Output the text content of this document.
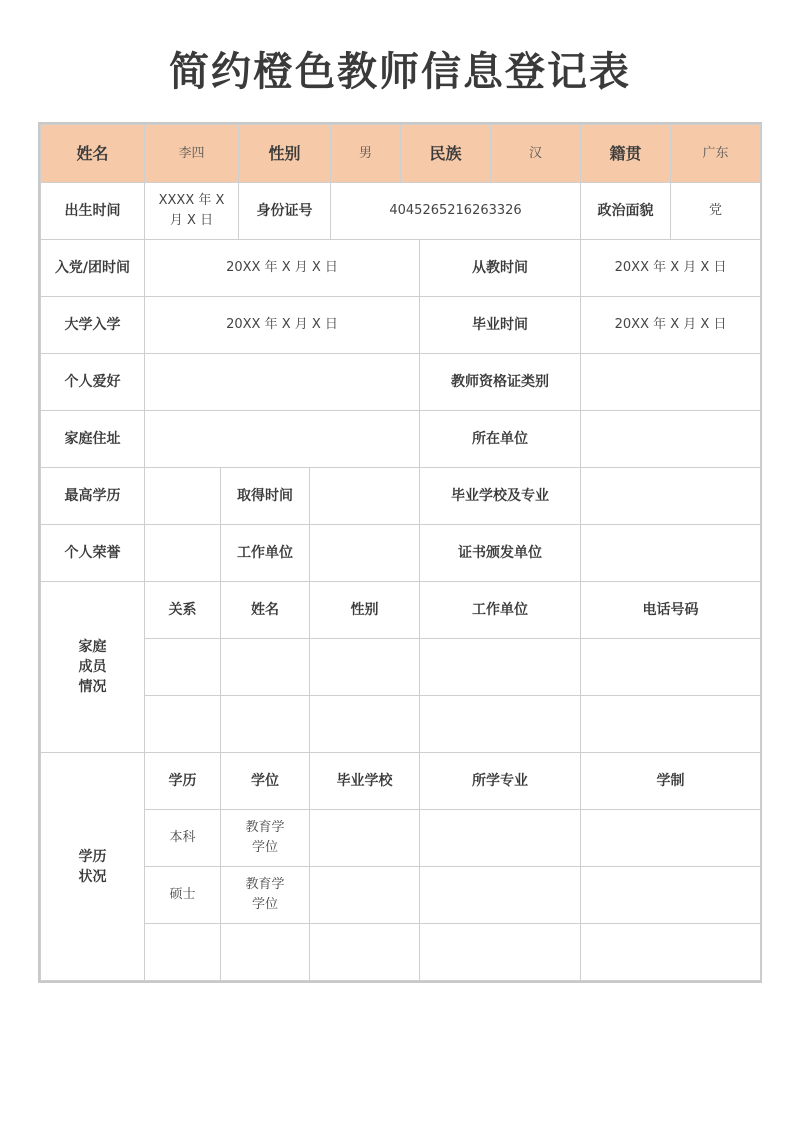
简约橙色教师信息登记表
姓名	李四		性别		男	民族		汉	籍贯	广东
出生时间	XXXX 年 X
月 X 日		身份证号		4045265216263326				政治面貌	党
入党/团时间	20XX 年 X 月 X 日						从教时间		20XX 年 X 月 X 日	
大学入学	20XX 年 X 月 X 日						毕业时间		20XX 年 X 月 X 日	
个人爱好							教师资格证类别			
家庭住址							所在单位			
最高学历		取得时间					毕业学校及专业			
个人荣誉		工作单位					证书颁发单位			

家庭
成员
情况	关系	姓名		性别			工作单位		电话号码	

学历
状况	学历	学位		毕业学校			所学专业		学制	
	本科	教育学
学位								

	硕士	教育学
学位								
